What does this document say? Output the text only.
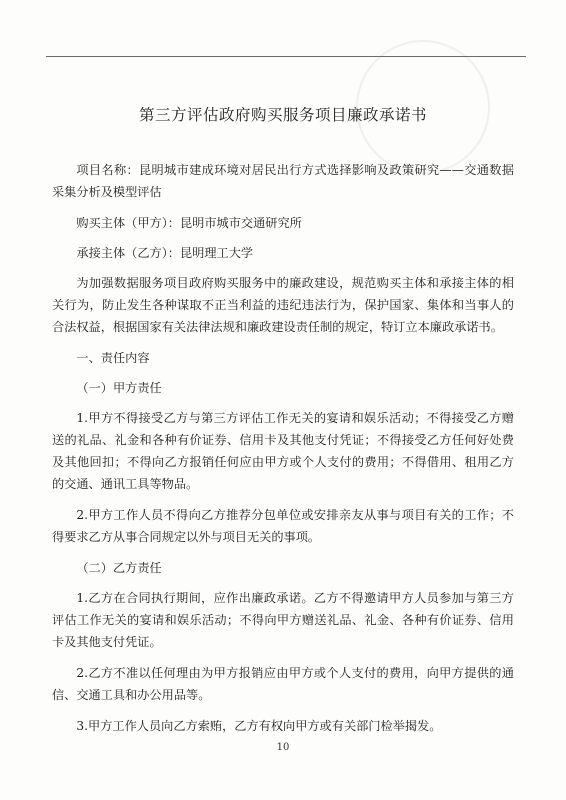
第三方评估政府购买服务项目廉政承诺书

项目名称：昆明城市建成环境对居民出行方式选择影响及政策研究——交通数据采集分析及模型评估

购买主体（甲方）：昆明市城市交通研究所

承接主体（乙方）：昆明理工大学

为加强数据服务项目政府购买服务中的廉政建设，规范购买主体和承接主体的相关行为，防止发生各种谋取不正当利益的违纪违法行为，保护国家、集体和当事人的合法权益，根据国家有关法律法规和廉政建设责任制的规定，特订立本廉政承诺书。

一、责任内容

（一）甲方责任

1.甲方不得接受乙方与第三方评估工作无关的宴请和娱乐活动；不得接受乙方赠送的礼品、礼金和各种有价证券、信用卡及其他支付凭证；不得接受乙方任何好处费及其他回扣；不得向乙方报销任何应由甲方或个人支付的费用；不得借用、租用乙方的交通、通讯工具等物品。

2.甲方工作人员不得向乙方推荐分包单位或安排亲友从事与项目有关的工作；不得要求乙方从事合同规定以外与项目无关的事项。

（二）乙方责任

1.乙方在合同执行期间，应作出廉政承诺。乙方不得邀请甲方人员参加与第三方评估工作无关的宴请和娱乐活动；不得向甲方赠送礼品、礼金、各种有价证券、信用卡及其他支付凭证。

2.乙方不准以任何理由为甲方报销应由甲方或个人支付的费用，向甲方提供的通信、交通工具和办公用品等。

3.甲方工作人员向乙方索贿，乙方有权向甲方或有关部门检举揭发。

10
